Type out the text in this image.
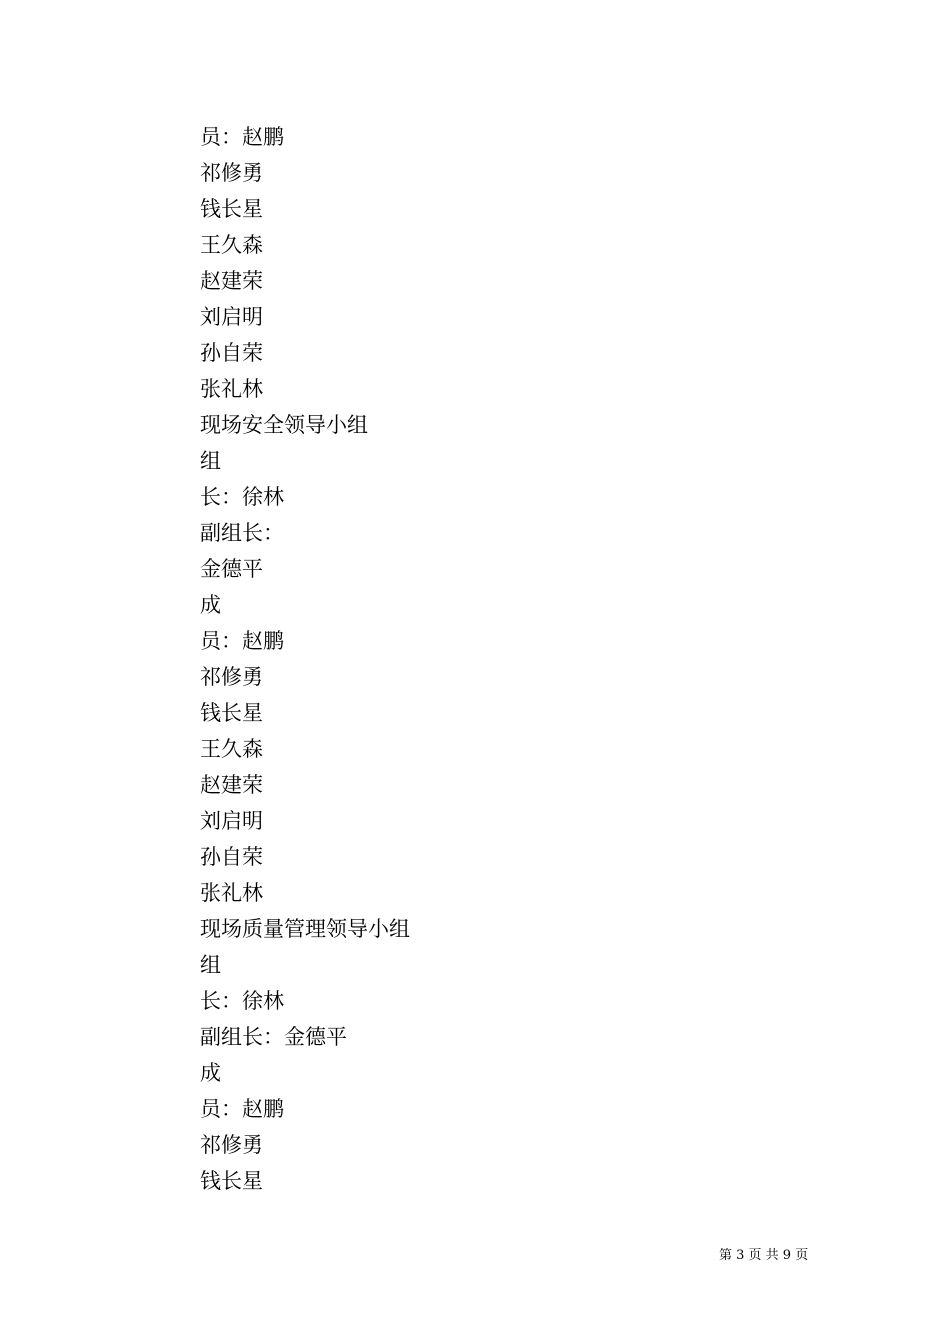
员：赵鹏
祁修勇
钱长星
王久森
赵建荣
刘启明
孙自荣
张礼林
现场安全领导小组
组
长：徐林
副组长：
金德平
成
员：赵鹏
祁修勇
钱长星
王久森
赵建荣
刘启明
孙自荣
张礼林
现场质量管理领导小组
组
长：徐林
副组长：金德平
成
员：赵鹏
祁修勇
钱长星
第 3 页 共 9 页
